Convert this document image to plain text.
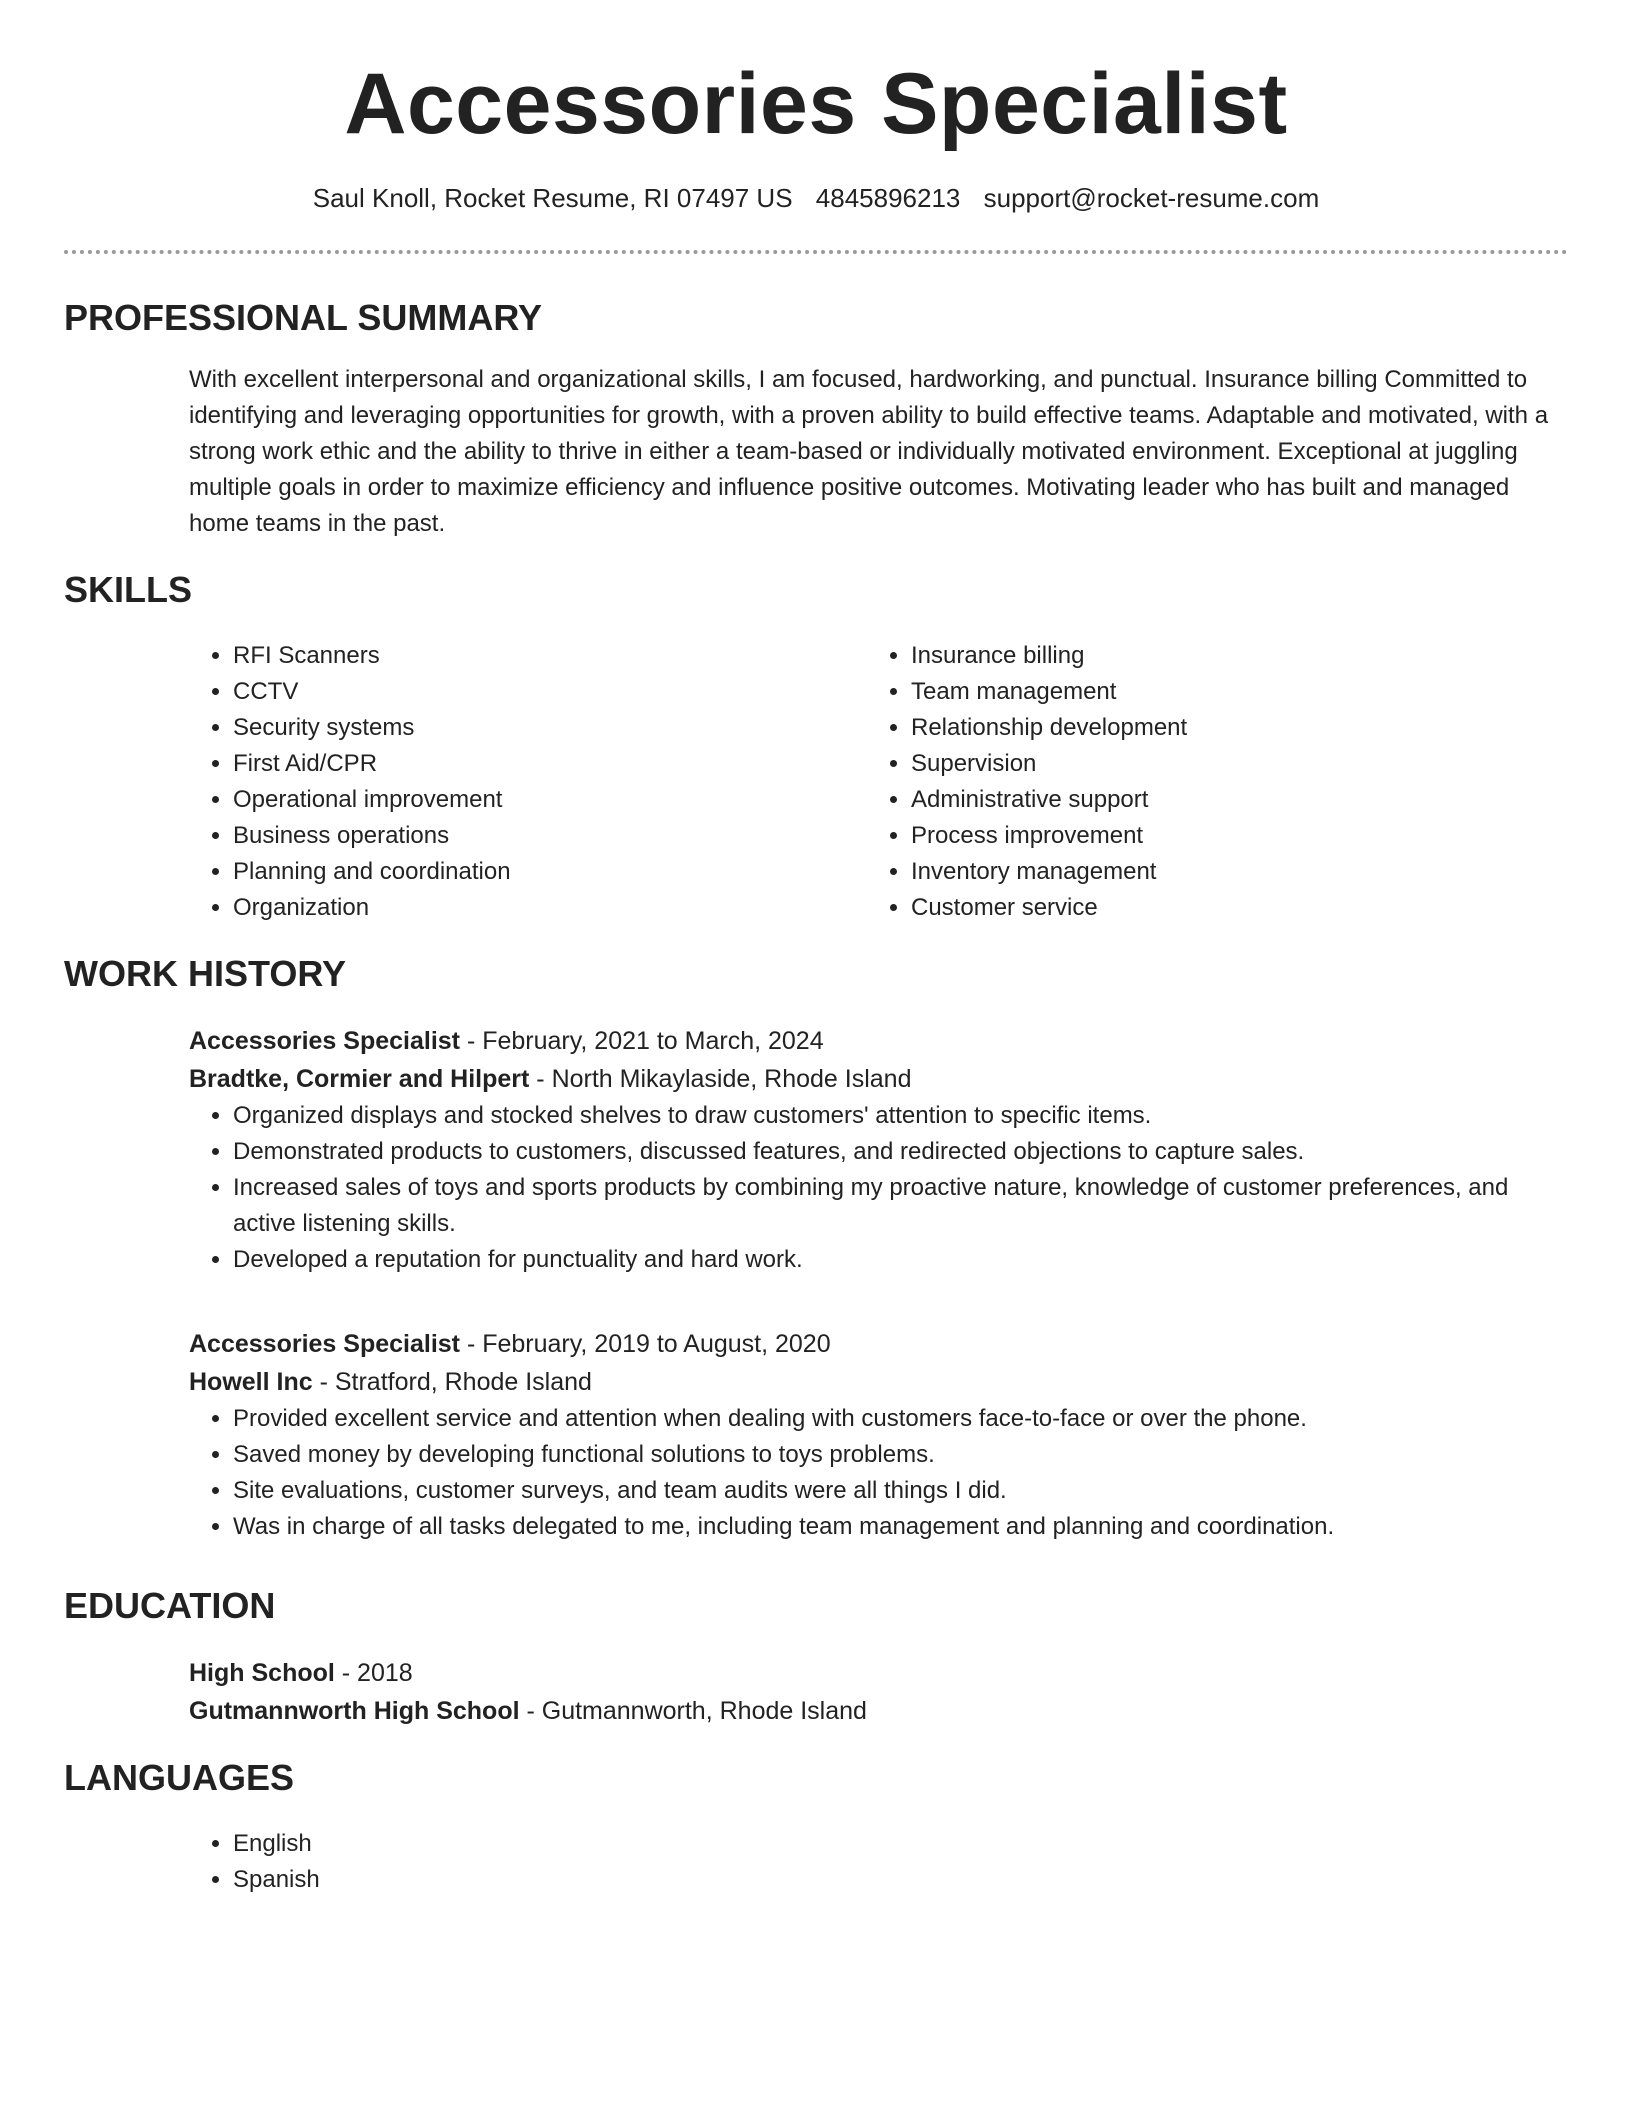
Accessories Specialist
Saul Knoll, Rocket Resume, RI 07497 US 4845896213 support@rocket-resume.com
PROFESSIONAL SUMMARY
With excellent interpersonal and organizational skills, I am focused, hardworking, and punctual. Insurance billing Committed to identifying and leveraging opportunities for growth, with a proven ability to build effective teams. Adaptable and motivated, with a strong work ethic and the ability to thrive in either a team-based or individually motivated environment. Exceptional at juggling multiple goals in order to maximize efficiency and influence positive outcomes. Motivating leader who has built and managed home teams in the past.
SKILLS
• RFI Scanners
• CCTV
• Security systems
• First Aid/CPR
• Operational improvement
• Business operations
• Planning and coordination
• Organization
• Insurance billing
• Team management
• Relationship development
• Supervision
• Administrative support
• Process improvement
• Inventory management
• Customer service
WORK HISTORY
Accessories Specialist - February, 2021 to March, 2024
Bradtke, Cormier and Hilpert - North Mikaylaside, Rhode Island
• Organized displays and stocked shelves to draw customers' attention to specific items.
• Demonstrated products to customers, discussed features, and redirected objections to capture sales.
• Increased sales of toys and sports products by combining my proactive nature, knowledge of customer preferences, and active listening skills.
• Developed a reputation for punctuality and hard work.
Accessories Specialist - February, 2019 to August, 2020
Howell Inc - Stratford, Rhode Island
• Provided excellent service and attention when dealing with customers face-to-face or over the phone.
• Saved money by developing functional solutions to toys problems.
• Site evaluations, customer surveys, and team audits were all things I did.
• Was in charge of all tasks delegated to me, including team management and planning and coordination.
EDUCATION
High School - 2018
Gutmannworth High School - Gutmannworth, Rhode Island
LANGUAGES
• English
• Spanish
